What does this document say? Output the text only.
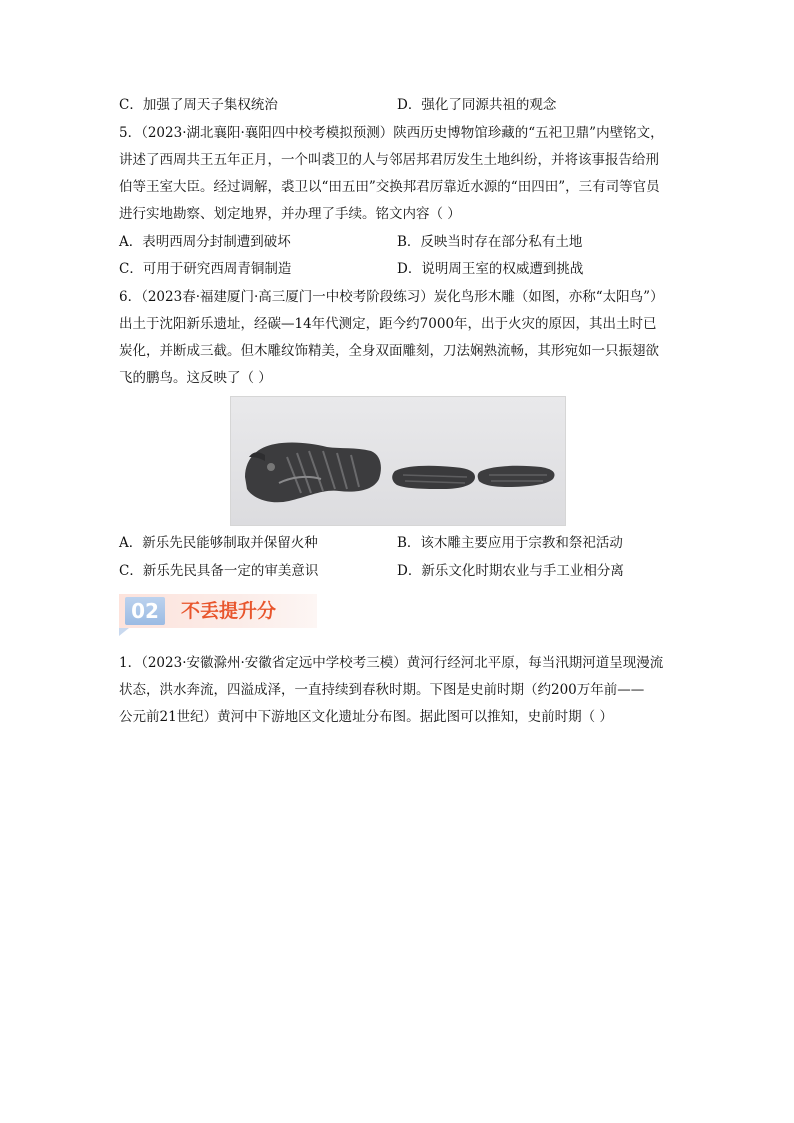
C．加强了周天子集权统治	D．强化了同源共祖的观念
5．（2023·湖北襄阳·襄阳四中校考模拟预测）陕西历史博物馆珍藏的“五祀卫鼎”内壁铭文，
讲述了西周共王五年正月，一个叫裘卫的人与邻居邦君厉发生土地纠纷，并将该事报告给刑
伯等王室大臣。经过调解，裘卫以“田五田”交换邦君厉靠近水源的“田四田”，三有司等官员
进行实地勘察、划定地界，并办理了手续。铭文内容（ ）
A．表明西周分封制遭到破坏	B．反映当时存在部分私有土地
C．可用于研究西周青铜制造	D．说明周王室的权威遭到挑战
6．（2023春·福建厦门·高三厦门一中校考阶段练习）炭化鸟形木雕（如图，亦称“太阳鸟”）
出土于沈阳新乐遗址，经碳—14年代测定，距今约7000年，出于火灾的原因，其出土时已
炭化，并断成三截。但木雕纹饰精美，全身双面雕刻，刀法娴熟流畅，其形宛如一只振翅欲
飞的鹏鸟。这反映了（ ）
A．新乐先民能够制取并保留火种	B．该木雕主要应用于宗教和祭祀活动
C．新乐先民具备一定的审美意识	D．新乐文化时期农业与手工业相分离
02	不丢提升分
1．（2023·安徽滁州·安徽省定远中学校考三模）黄河行经河北平原，每当汛期河道呈现漫流
状态，洪水奔流，四溢成泽，一直持续到春秋时期。下图是史前时期（约200万年前——
公元前21世纪）黄河中下游地区文化遗址分布图。据此图可以推知，史前时期（ ）
